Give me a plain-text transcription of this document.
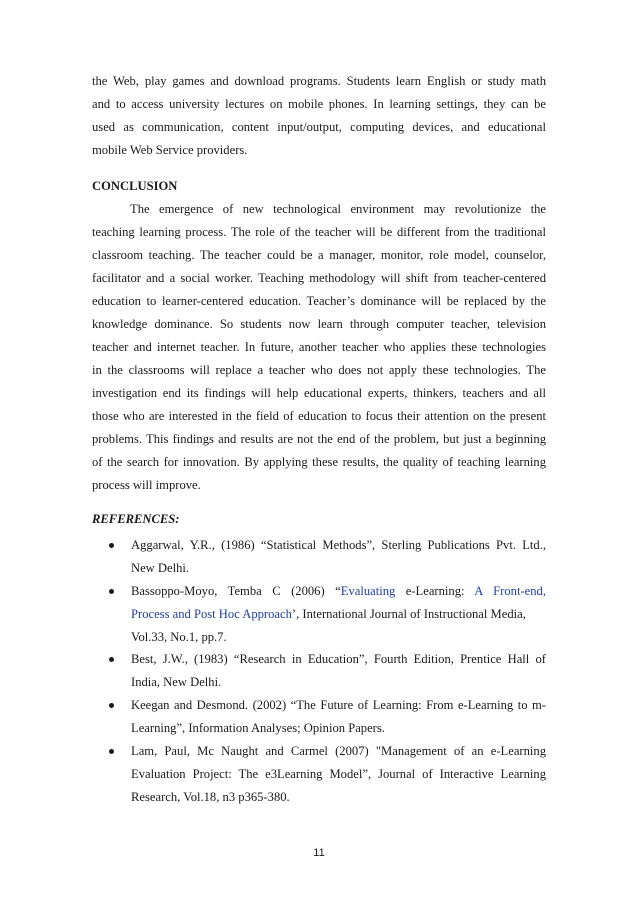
the Web, play games and download programs. Students learn English or study math
and to access university lectures on mobile phones. In learning settings, they can be
used as communication, content input/output, computing devices, and educational
mobile Web Service providers.
CONCLUSION
The emergence of new technological environment may revolutionize the
teaching learning process. The role of the teacher will be different from the traditional
classroom teaching. The teacher could be a manager, monitor, role model, counselor,
facilitator and a social worker. Teaching methodology will shift from teacher-centered
education to learner-centered education. Teacher’s dominance will be replaced by the
knowledge dominance. So students now learn through computer teacher, television
teacher and internet teacher. In future, another teacher who applies these technologies
in the classrooms will replace a teacher who does not apply these technologies. The
investigation end its findings will help educational experts, thinkers, teachers and all
those who are interested in the field of education to focus their attention on the present
problems. This findings and results are not the end of the problem, but just a beginning
of the search for innovation. By applying these results, the quality of teaching learning
process will improve.
REFERENCES:
Aggarwal, Y.R., (1986) “Statistical Methods”, Sterling Publications Pvt. Ltd.,
New Delhi.
Bassoppo-Moyo, Temba C (2006) “Evaluating e-Learning: A Front-end,
Process and Post Hoc Approach’, International Journal of Instructional Media,
Vol.33, No.1, pp.7.
Best, J.W., (1983) “Research in Education”, Fourth Edition, Prentice Hall of
India, New Delhi.
Keegan and Desmond. (2002) “The Future of Learning: From e-Learning to m-
Learning”, Information Analyses; Opinion Papers.
Lam, Paul, Mc Naught and Carmel (2007) "Management of an e-Learning
Evaluation Project: The e3Learning Model”, Journal of Interactive Learning
Research, Vol.18, n3 p365-380.
11
